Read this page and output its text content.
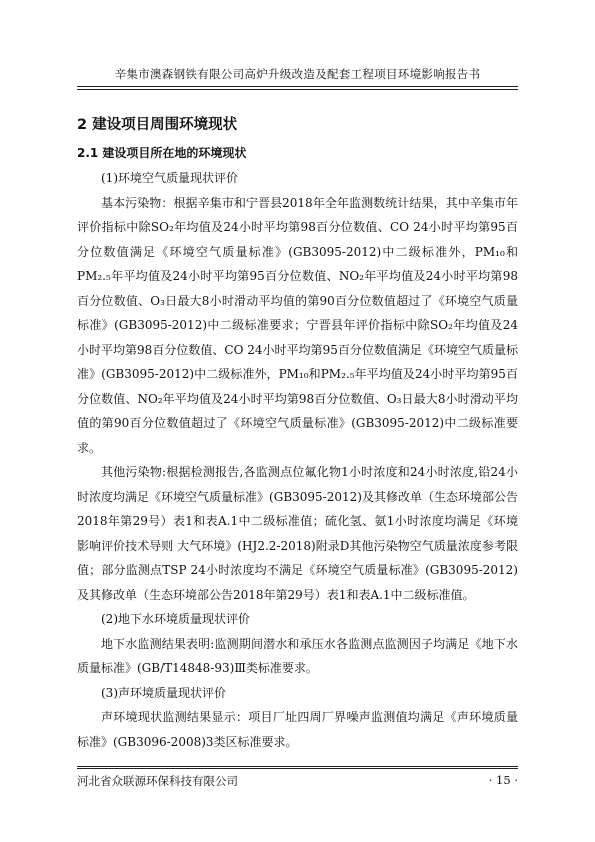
辛集市澳森钢铁有限公司高炉升级改造及配套工程项目环境影响报告书
2 建设项目周围环境现状
2.1 建设项目所在地的环境现状

(1)环境空气质量现状评价

基本污染物：根据辛集市和宁晋县2018年全年监测数统计结果，其中辛集市年评价指标中除SO₂年均值及24小时平均第98百分位数值、CO 24小时平均第95百分位数值满足《环境空气质量标准》(GB3095-2012)中二级标准外，PM₁₀和PM₂.₅年平均值及24小时平均第95百分位数值、NO₂年平均值及24小时平均第98百分位数值、O₃日最大8小时滑动平均值的第90百分位数值超过了《环境空气质量标准》(GB3095-2012)中二级标准要求；宁晋县年评价指标中除SO₂年均值及24小时平均第98百分位数值、CO 24小时平均第95百分位数值满足《环境空气质量标准》(GB3095-2012)中二级标准外，PM₁₀和PM₂.₅年平均值及24小时平均第95百分位数值、NO₂年平均值及24小时平均第98百分位数值、O₃日最大8小时滑动平均值的第90百分位数值超过了《环境空气质量标准》(GB3095-2012)中二级标准要求。

其他污染物:根据检测报告,各监测点位氟化物1小时浓度和24小时浓度,铅24小时浓度均满足《环境空气质量标准》(GB3095-2012)及其修改单（生态环境部公告2018年第29号）表1和表A.1中二级标准值；硫化氢、氨1小时浓度均满足《环境影响评价技术导则 大气环境》(HJ2.2-2018)附录D其他污染物空气质量浓度参考限值；部分监测点TSP 24小时浓度均不满足《环境空气质量标准》(GB3095-2012)及其修改单（生态环境部公告2018年第29号）表1和表A.1中二级标准值。

(2)地下水环境质量现状评价

地下水监测结果表明:监测期间潜水和承压水各监测点监测因子均满足《地下水质量标准》(GB/T14848-93)Ⅲ类标准要求。

(3)声环境质量现状评价

声环境现状监测结果显示：项目厂址四周厂界噪声监测值均满足《声环境质量标准》(GB3096-2008)3类区标准要求。

河北省众联源环保科技有限公司	· 15 ·
